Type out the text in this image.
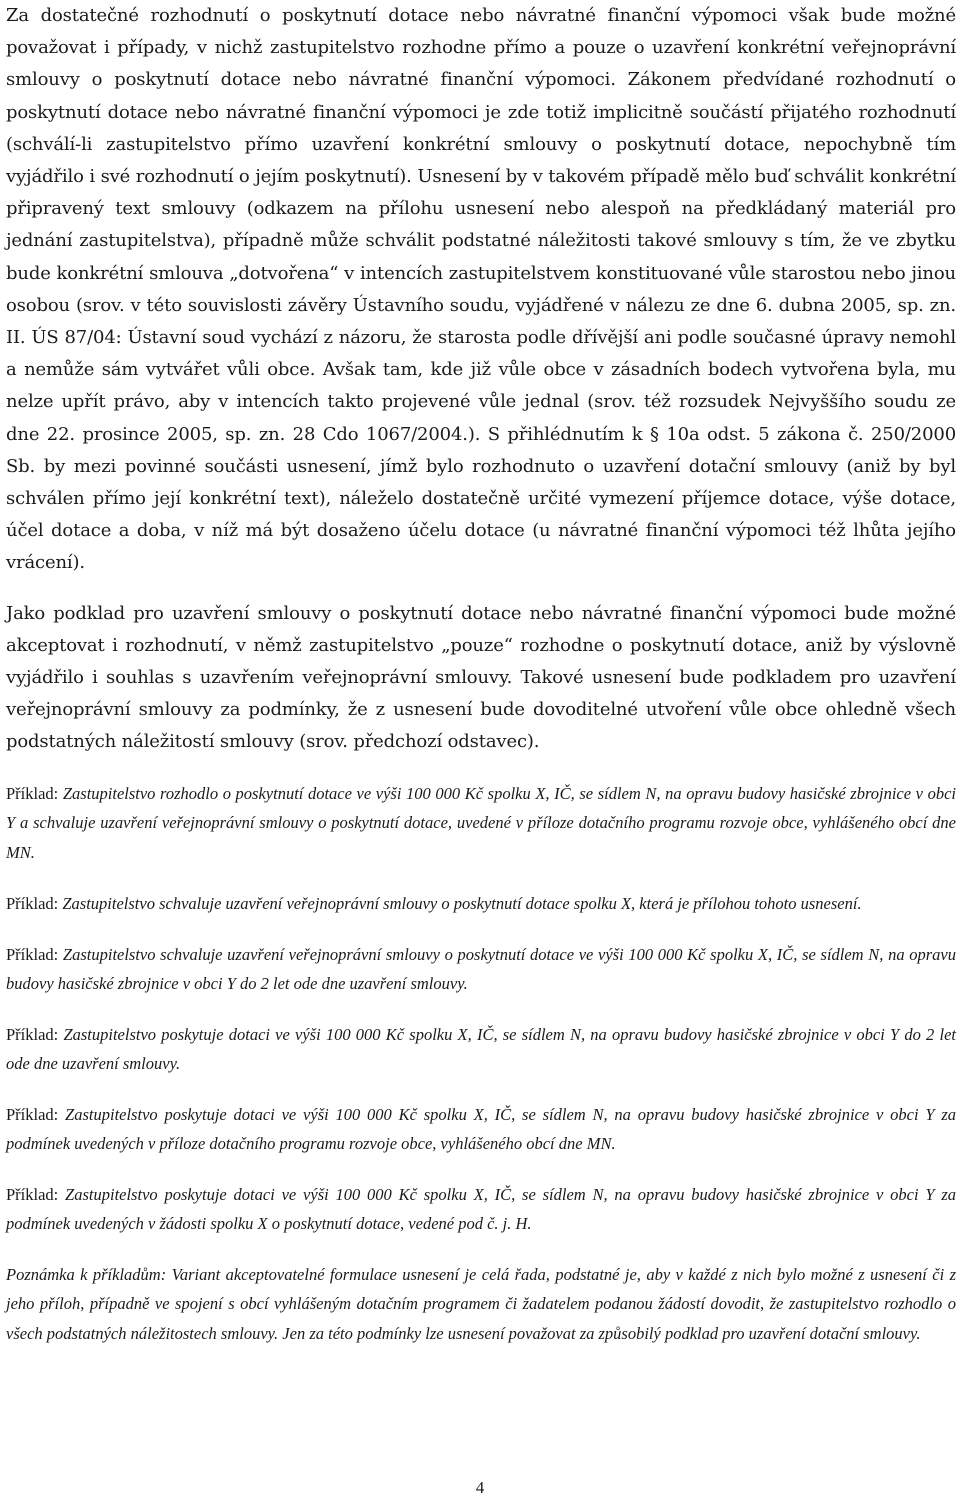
Za dostatečné rozhodnutí o poskytnutí dotace nebo návratné finanční výpomoci však bude možné považovat i případy, v nichž zastupitelstvo rozhodne přímo a pouze o uzavření konkrétní veřejnoprávní smlouvy o poskytnutí dotace nebo návratné finanční výpomoci. Zákonem předvídané rozhodnutí o poskytnutí dotace nebo návratné finanční výpomoci je zde totiž implicitně součástí přijatého rozhodnutí (schválí-li zastupitelstvo přímo uzavření konkrétní smlouvy o poskytnutí dotace, nepochybně tím vyjádřilo i své rozhodnutí o jejím poskytnutí). Usnesení by v takovém případě mělo buď schválit konkrétní připravený text smlouvy (odkazem na přílohu usnesení nebo alespoň na předkládaný materiál pro jednání zastupitelstva), případně může schválit podstatné náležitosti takové smlouvy s tím, že ve zbytku bude konkrétní smlouva „dotvořena“ v intencích zastupitelstvem konstituované vůle starostou nebo jinou osobou (srov. v této souvislosti závěry Ústavního soudu, vyjádřené v nálezu ze dne 6. dubna 2005, sp. zn. II. ÚS 87/04: Ústavní soud vychází z názoru, že starosta podle dřívější ani podle současné úpravy nemohl a nemůže sám vytvářet vůli obce. Avšak tam, kde již vůle obce v zásadních bodech vytvořena byla, mu nelze upřít právo, aby v intencích takto projevené vůle jednal (srov. též rozsudek Nejvyššího soudu ze dne 22. prosince 2005, sp. zn. 28 Cdo 1067/2004.). S přihlédnutím k § 10a odst. 5 zákona č. 250/2000 Sb. by mezi povinné součásti usnesení, jímž bylo rozhodnuto o uzavření dotační smlouvy (aniž by byl schválen přímo její konkrétní text), náleželo dostatečně určité vymezení příjemce dotace, výše dotace, účel dotace a doba, v níž má být dosaženo účelu dotace (u návratné finanční výpomoci též lhůta jejího vrácení).

Jako podklad pro uzavření smlouvy o poskytnutí dotace nebo návratné finanční výpomoci bude možné akceptovat i rozhodnutí, v němž zastupitelstvo „pouze“ rozhodne o poskytnutí dotace, aniž by výslovně vyjádřilo i souhlas s uzavřením veřejnoprávní smlouvy. Takové usnesení bude podkladem pro uzavření veřejnoprávní smlouvy za podmínky, že z usnesení bude dovoditelné utvoření vůle obce ohledně všech podstatných náležitostí smlouvy (srov. předchozí odstavec).

Příklad: Zastupitelstvo rozhodlo o poskytnutí dotace ve výši 100 000 Kč spolku X, IČ, se sídlem N, na opravu budovy hasičské zbrojnice v obci Y a schvaluje uzavření veřejnoprávní smlouvy o poskytnutí dotace, uvedené v příloze dotačního programu rozvoje obce, vyhlášeného obcí dne MN.

Příklad: Zastupitelstvo schvaluje uzavření veřejnoprávní smlouvy o poskytnutí dotace spolku X, která je přílohou tohoto usnesení.

Příklad: Zastupitelstvo schvaluje uzavření veřejnoprávní smlouvy o poskytnutí dotace ve výši 100 000 Kč spolku X, IČ, se sídlem N, na opravu budovy hasičské zbrojnice v obci Y do 2 let ode dne uzavření smlouvy.

Příklad: Zastupitelstvo poskytuje dotaci ve výši 100 000 Kč spolku X, IČ, se sídlem N, na opravu budovy hasičské zbrojnice v obci Y do 2 let ode dne uzavření smlouvy.

Příklad: Zastupitelstvo poskytuje dotaci ve výši 100 000 Kč spolku X, IČ, se sídlem N, na opravu budovy hasičské zbrojnice v obci Y za podmínek uvedených v příloze dotačního programu rozvoje obce, vyhlášeného obcí dne MN.

Příklad: Zastupitelstvo poskytuje dotaci ve výši 100 000 Kč spolku X, IČ, se sídlem N, na opravu budovy hasičské zbrojnice v obci Y za podmínek uvedených v žádosti spolku X o poskytnutí dotace, vedené pod č. j. H.

Poznámka k příkladům: Variant akceptovatelné formulace usnesení je celá řada, podstatné je, aby v každé z nich bylo možné z usnesení či z jeho příloh, případně ve spojení s obcí vyhlášeným dotačním programem či žadatelem podanou žádostí dovodit, že zastupitelstvo rozhodlo o všech podstatných náležitostech smlouvy. Jen za této podmínky lze usnesení považovat za způsobilý podklad pro uzavření dotační smlouvy.

4
